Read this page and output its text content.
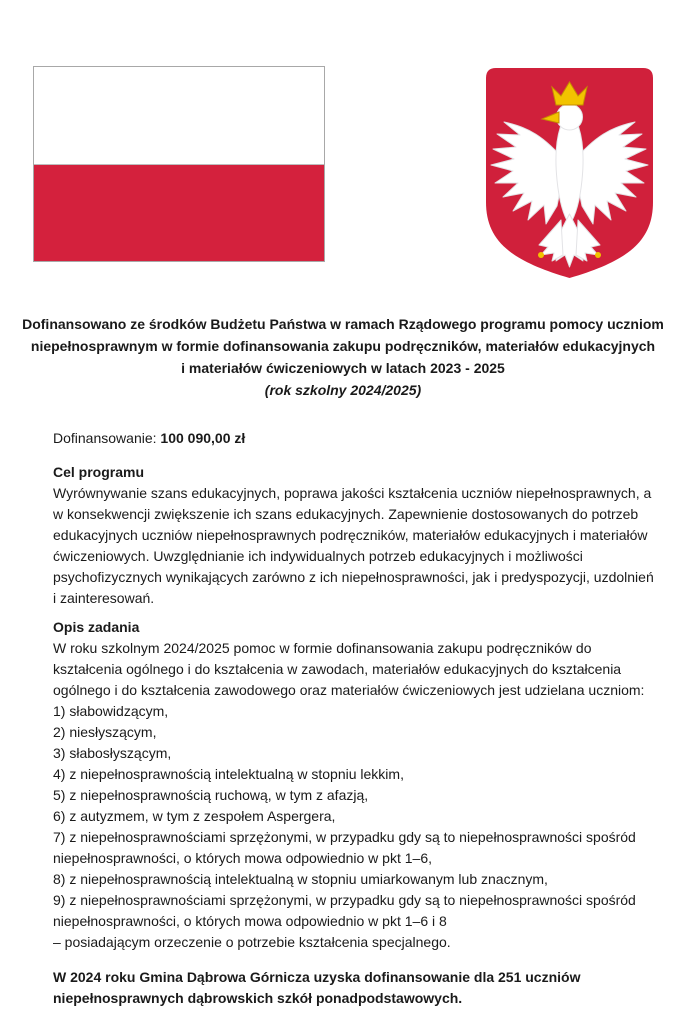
Dofinansowano ze środków Budżetu Państwa w ramach Rządowego programu pomocy uczniom
niepełnosprawnym w formie dofinansowania zakupu podręczników, materiałów edukacyjnych
i materiałów ćwiczeniowych w latach 2023 - 2025
(rok szkolny 2024/2025)
Dofinansowanie: 100 090,00 zł
Cel programu
Wyrównywanie szans edukacyjnych, poprawa jakości kształcenia uczniów niepełnosprawnych, a w konsekwencji zwiększenie ich szans edukacyjnych. Zapewnienie dostosowanych do potrzeb edukacyjnych uczniów niepełnosprawnych podręczników, materiałów edukacyjnych i materiałów ćwiczeniowych. Uwzględnianie ich indywidualnych potrzeb edukacyjnych i możliwości psychofizycznych wynikających zarówno z ich niepełnosprawności, jak i predyspozycji, uzdolnień i zainteresowań.
Opis zadania
W roku szkolnym 2024/2025 pomoc w formie dofinansowania zakupu podręczników do kształcenia ogólnego i do kształcenia w zawodach, materiałów edukacyjnych do kształcenia ogólnego i do kształcenia zawodowego oraz materiałów ćwiczeniowych jest udzielana uczniom:
1) słabowidzącym,
2) niesłyszącym,
3) słabosłyszącym,
4) z niepełnosprawnością intelektualną w stopniu lekkim,
5) z niepełnosprawnością ruchową, w tym z afazją,
6) z autyzmem, w tym z zespołem Aspergera,
7) z niepełnosprawnościami sprzężonymi, w przypadku gdy są to niepełnosprawności spośród niepełnosprawności, o których mowa odpowiednio w pkt 1–6,
8) z niepełnosprawnością intelektualną w stopniu umiarkowanym lub znacznym,
9) z niepełnosprawnościami sprzężonymi, w przypadku gdy są to niepełnosprawności spośród niepełnosprawności, o których mowa odpowiednio w pkt 1–6 i 8
– posiadającym orzeczenie o potrzebie kształcenia specjalnego.
W 2024 roku Gmina Dąbrowa Górnicza uzyska dofinansowanie dla 251 uczniów niepełnosprawnych dąbrowskich szkół ponadpodstawowych.
